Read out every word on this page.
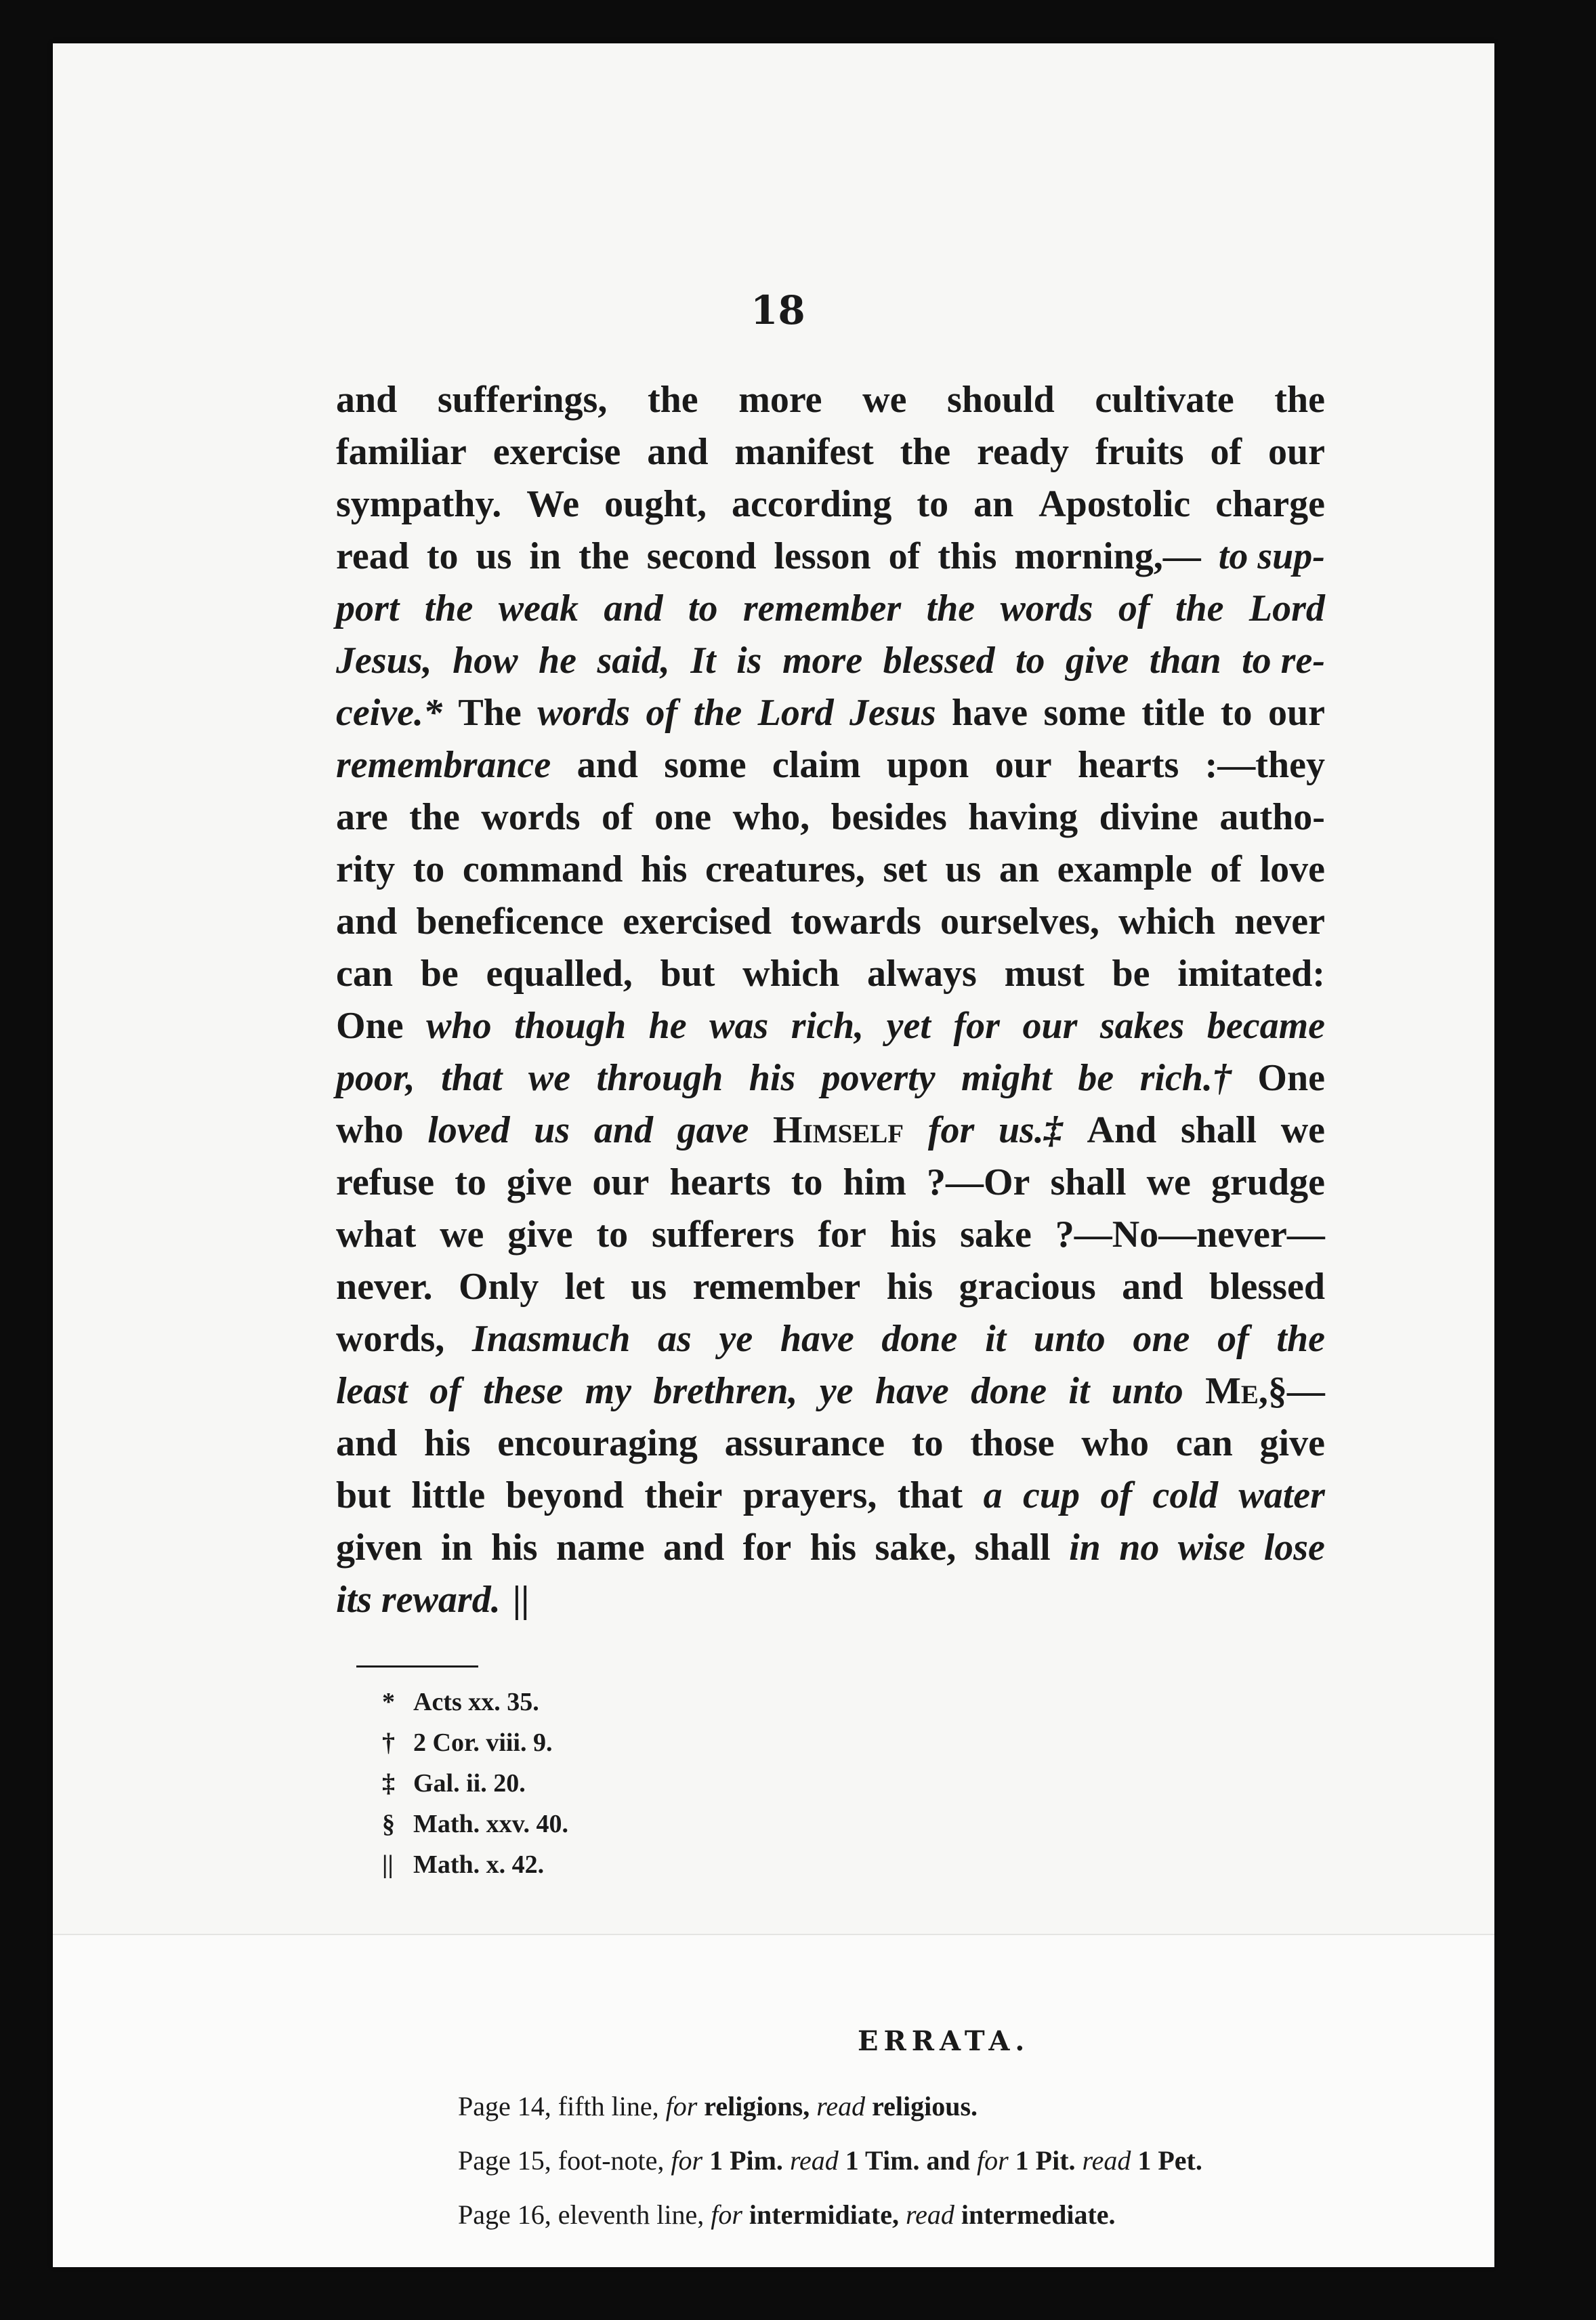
18
and sufferings, the more we should cultivate the
familiar exercise and manifest the ready fruits of our
sympathy. We ought, according to an Apostolic charge
read to us in the second lesson of this morning,— to sup-
port the weak and to remember the words of the Lord
Jesus, how he said, It is more blessed to give than to re-
ceive.* The words of the Lord Jesus have some title to our
remembrance and some claim upon our hearts :—they
are the words of one who, besides having divine autho-
rity to command his creatures, set us an example of love
and beneficence exercised towards ourselves, which never
can be equalled, but which always must be imitated:
One who though he was rich, yet for our sakes became
poor, that we through his poverty might be rich.† One
who loved us and gave Himself for us.‡ And shall we
refuse to give our hearts to him ?—Or shall we grudge
what we give to sufferers for his sake ?—No—never—
never. Only let us remember his gracious and blessed
words, Inasmuch as ye have done it unto one of the
least of these my brethren, ye have done it unto Me,§—
and his encouraging assurance to those who can give
but little beyond their prayers, that a cup of cold water
given in his name and for his sake, shall in no wise lose
its reward. ||
* Acts xx. 35.
† 2 Cor. viii. 9.
‡ Gal. ii. 20.
§ Math. xxv. 40.
|| Math. x. 42.
ERRATA.
Page 14, fifth line, for religions, read religious.
Page 15, foot-note, for 1 Pim. read 1 Tim. and for 1 Pit. read 1 Pet.
Page 16, eleventh line, for intermidiate, read intermediate.
